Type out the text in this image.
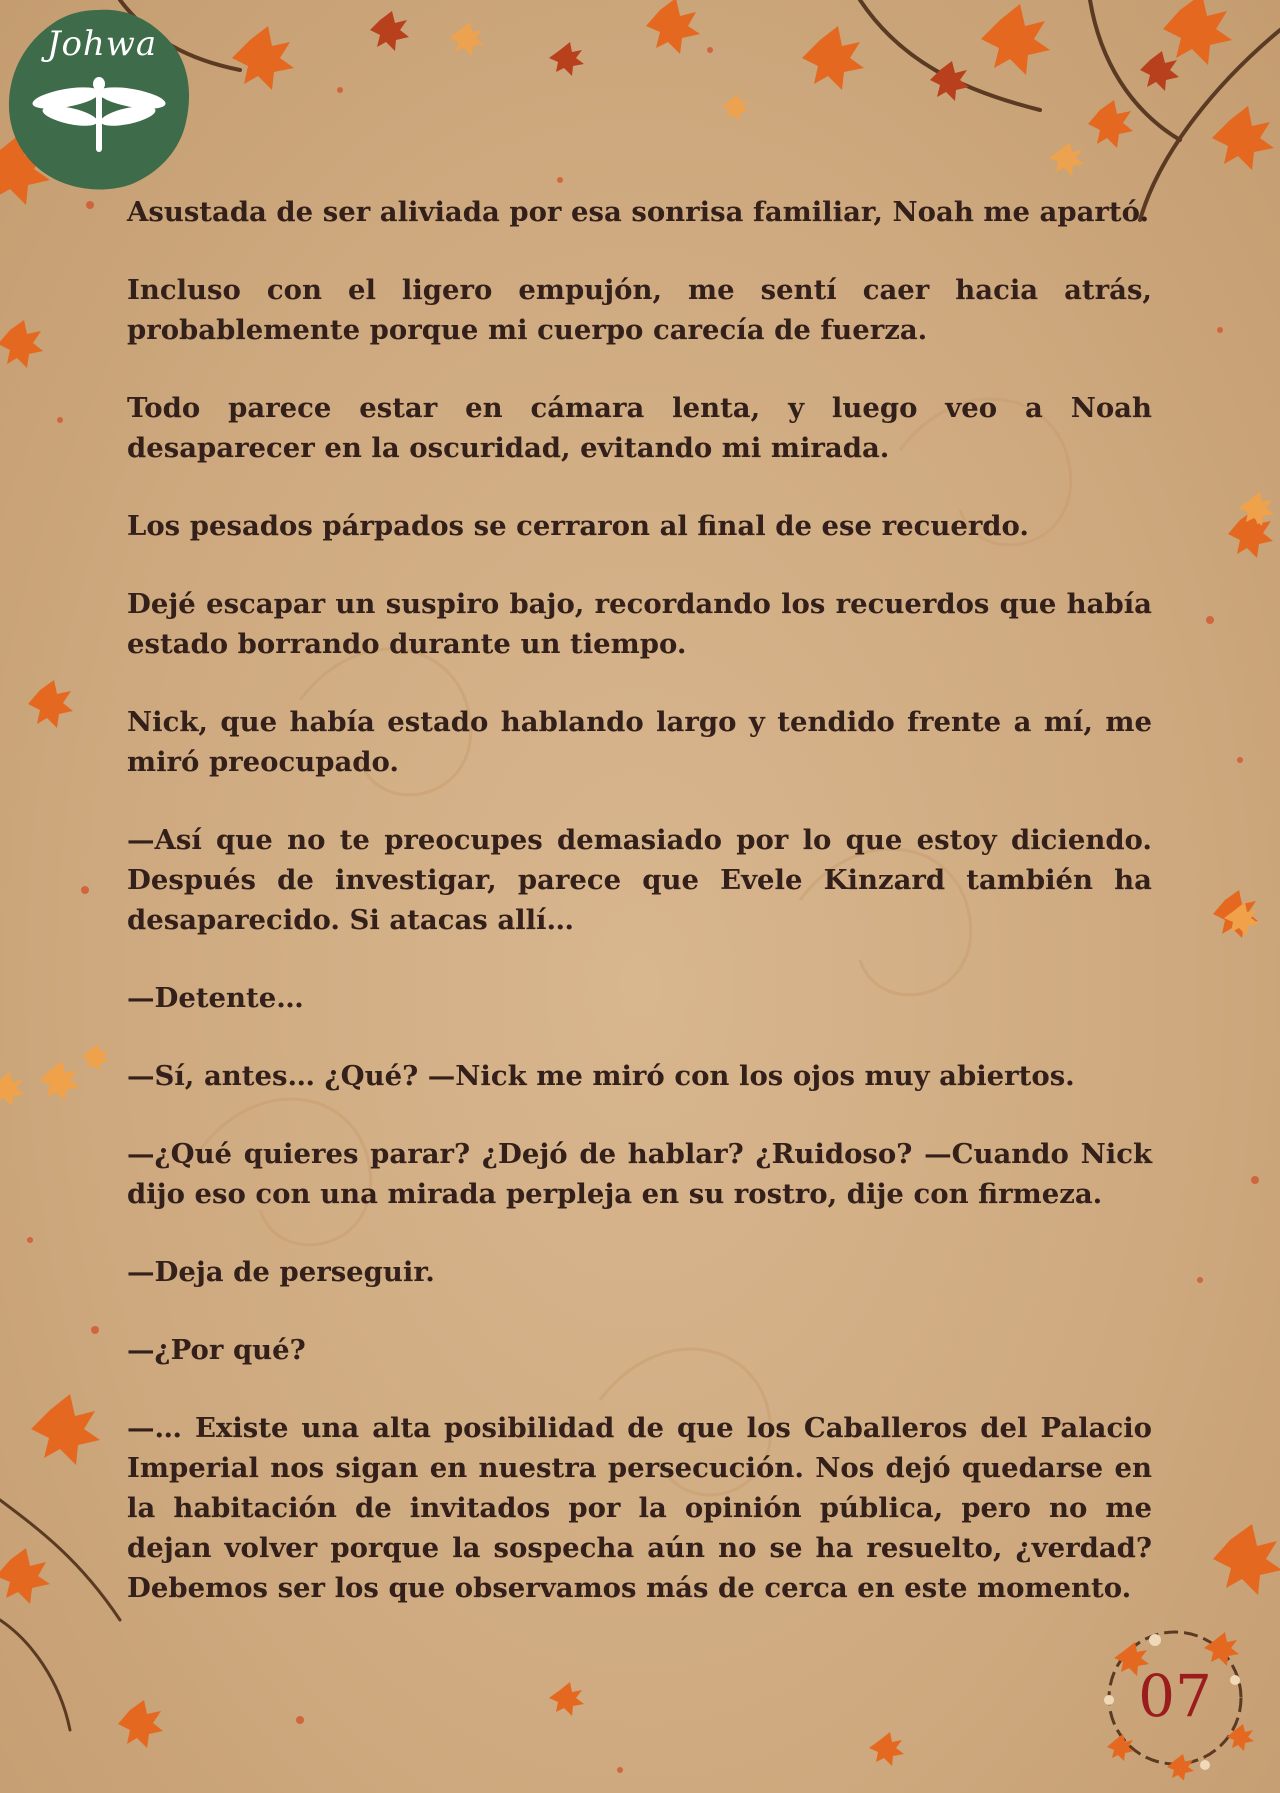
Johwa

Asustada de ser aliviada por esa sonrisa familiar, Noah me apartó.

Incluso con el ligero empujón, me sentí caer hacia atrás, probablemente porque mi cuerpo carecía de fuerza.

Todo parece estar en cámara lenta, y luego veo a Noah desaparecer en la oscuridad, evitando mi mirada.

Los pesados párpados se cerraron al final de ese recuerdo.

Dejé escapar un suspiro bajo, recordando los recuerdos que había estado borrando durante un tiempo.

Nick, que había estado hablando largo y tendido frente a mí, me miró preocupado.

—Así que no te preocupes demasiado por lo que estoy diciendo. Después de investigar, parece que Evele Kinzard también ha desaparecido. Si atacas allí…

—Detente…

—Sí, antes… ¿Qué? —Nick me miró con los ojos muy abiertos.

—¿Qué quieres parar? ¿Dejó de hablar? ¿Ruidoso? —Cuando Nick dijo eso con una mirada perpleja en su rostro, dije con firmeza.

—Deja de perseguir.

—¿Por qué?

—… Existe una alta posibilidad de que los Caballeros del Palacio Imperial nos sigan en nuestra persecución. Nos dejó quedarse en la habitación de invitados por la opinión pública, pero no me dejan volver porque la sospecha aún no se ha resuelto, ¿verdad? Debemos ser los que observamos más de cerca en este momento.

07
